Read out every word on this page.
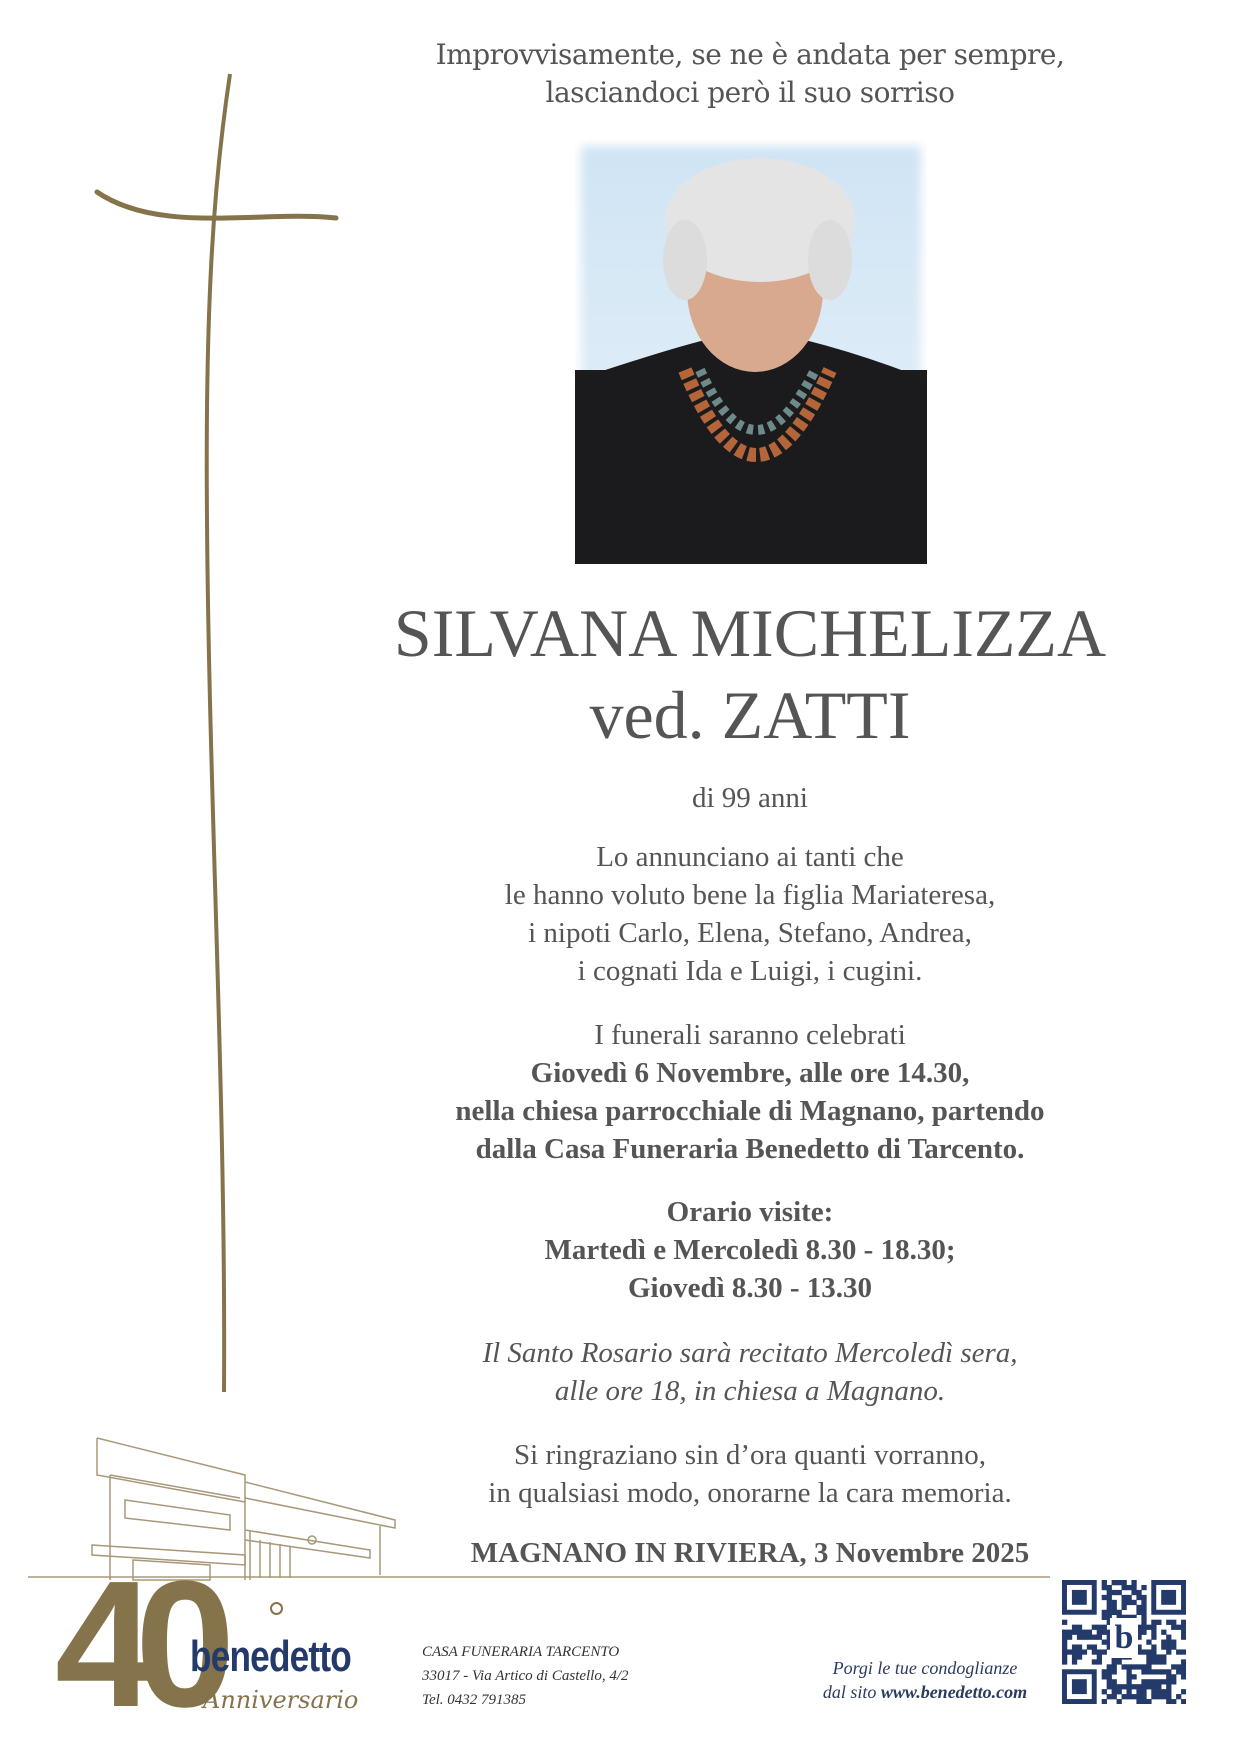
Improvvisamente, se ne è andata per sempre,
lasciandoci però il suo sorriso
SILVANA MICHELIZZA
ved. ZATTI
di 99 anni
Lo annunciano ai tanti che
le hanno voluto bene la figlia Mariateresa,
i nipoti Carlo, Elena, Stefano, Andrea,
i cognati Ida e Luigi, i cugini.
I funerali saranno celebrati
Giovedì 6 Novembre, alle ore 14.30,
nella chiesa parrocchiale di Magnano, partendo
dalla Casa Funeraria Benedetto di Tarcento.
Orario visite:
Martedì e Mercoledì 8.30 - 18.30;
Giovedì 8.30 - 13.30
Il Santo Rosario sarà recitato Mercoledì sera,
alle ore 18, in chiesa a Magnano.
Si ringraziano sin d’ora quanti vorranno,
in qualsiasi modo, onorarne la cara memoria.
MAGNANO IN RIVIERA, 3 Novembre 2025
40
benedetto
Anniversario
CASA FUNERARIA TARCENTO
33017 - Via Artico di Castello, 4/2
Tel. 0432 791385
Porgi le tue condoglianze
dal sito www.benedetto.com
b
